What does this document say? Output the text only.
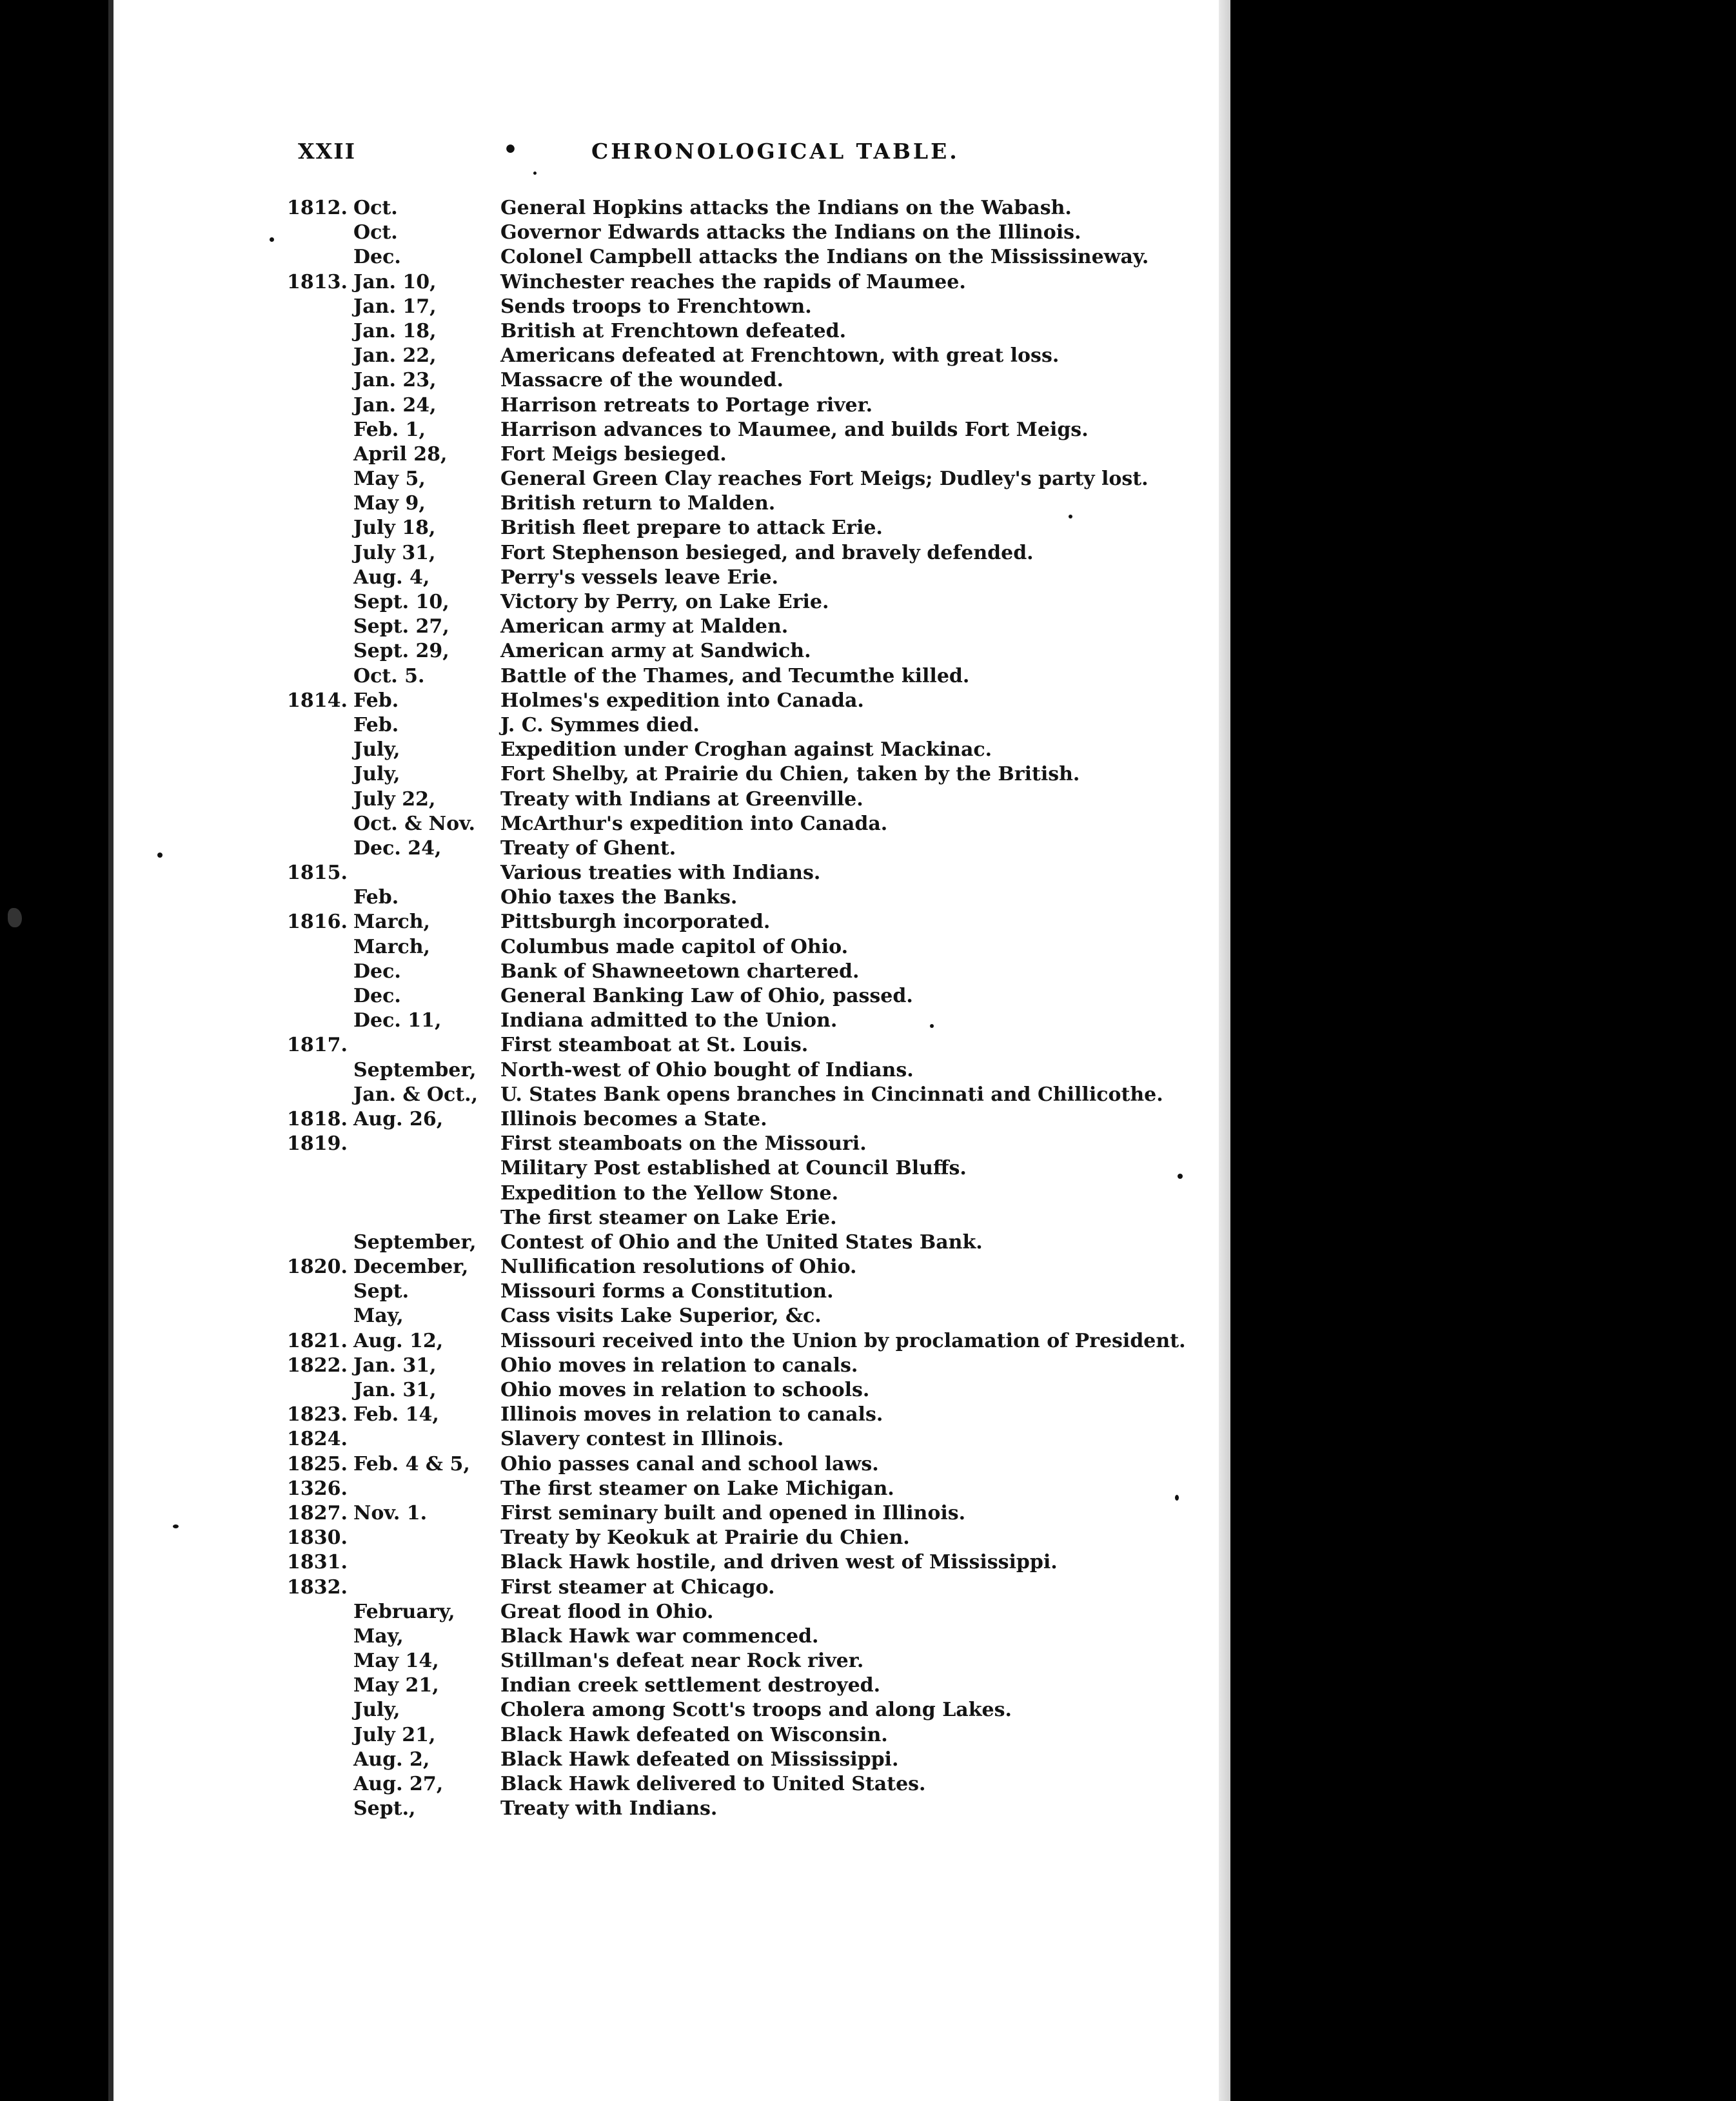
XXII	•	CHRONOLOGICAL TABLE.
1812. Oct.	General Hopkins attacks the Indians on the Wabash.
Oct.	Governor Edwards attacks the Indians on the Illinois.
Dec.	Colonel Campbell attacks the Indians on the Mississineway.
1813. Jan. 10,	Winchester reaches the rapids of Maumee.
Jan. 17,	Sends troops to Frenchtown.
Jan. 18,	British at Frenchtown defeated.
Jan. 22,	Americans defeated at Frenchtown, with great loss.
Jan. 23,	Massacre of the wounded.
Jan. 24,	Harrison retreats to Portage river.
Feb. 1,	Harrison advances to Maumee, and builds Fort Meigs.
April 28,	Fort Meigs besieged.
May 5,	General Green Clay reaches Fort Meigs; Dudley's party lost.
May 9,	British return to Malden.
July 18,	British fleet prepare to attack Erie.
July 31,	Fort Stephenson besieged, and bravely defended.
Aug. 4,	Perry's vessels leave Erie.
Sept. 10,	Victory by Perry, on Lake Erie.
Sept. 27,	American army at Malden.
Sept. 29,	American army at Sandwich.
Oct. 5.	Battle of the Thames, and Tecumthe killed.
1814. Feb.	Holmes's expedition into Canada.
Feb.	J. C. Symmes died.
July,	Expedition under Croghan against Mackinac.
July,	Fort Shelby, at Prairie du Chien, taken by the British.
July 22,	Treaty with Indians at Greenville.
Oct. & Nov. McArthur's expedition into Canada.
Dec. 24,	Treaty of Ghent.
1815.	Various treaties with Indians.
Feb.	Ohio taxes the Banks.
1816. March,	Pittsburgh incorporated.
March,	Columbus made capitol of Ohio.
Dec.	Bank of Shawneetown chartered.
Dec.	General Banking Law of Ohio, passed.
Dec. 11,	Indiana admitted to the Union.
1817.	First steamboat at St. Louis.
September, North-west of Ohio bought of Indians.
Jan. & Oct., U. States Bank opens branches in Cincinnati and Chillicothe.
1818. Aug. 26,	Illinois becomes a State.
1819.	First steamboats on the Missouri.
Military Post established at Council Bluffs.
Expedition to the Yellow Stone.
The first steamer on Lake Erie.
September, Contest of Ohio and the United States Bank.
1820. December, Nullification resolutions of Ohio.
Sept.	Missouri forms a Constitution.
May,	Cass visits Lake Superior, &c.
1821. Aug. 12,	Missouri received into the Union by proclamation of President.
1822. Jan. 31,	Ohio moves in relation to canals.
Jan. 31,	Ohio moves in relation to schools.
1823. Feb. 14,	Illinois moves in relation to canals.
1824.	Slavery contest in Illinois.
1825. Feb. 4 & 5, Ohio passes canal and school laws.
1326.	The first steamer on Lake Michigan.
1827. Nov. 1.	First seminary built and opened in Illinois.
1830.	Treaty by Keokuk at Prairie du Chien.
1831.	Black Hawk hostile, and driven west of Mississippi.
1832.	First steamer at Chicago.
February, Great flood in Ohio.
May,	Black Hawk war commenced.
May 14,	Stillman's defeat near Rock river.
May 21,	Indian creek settlement destroyed.
July,	Cholera among Scott's troops and along Lakes.
July 21,	Black Hawk defeated on Wisconsin.
Aug. 2,	Black Hawk defeated on Mississippi.
Aug. 27,	Black Hawk delivered to United States.
Sept.,	Treaty with Indians.
